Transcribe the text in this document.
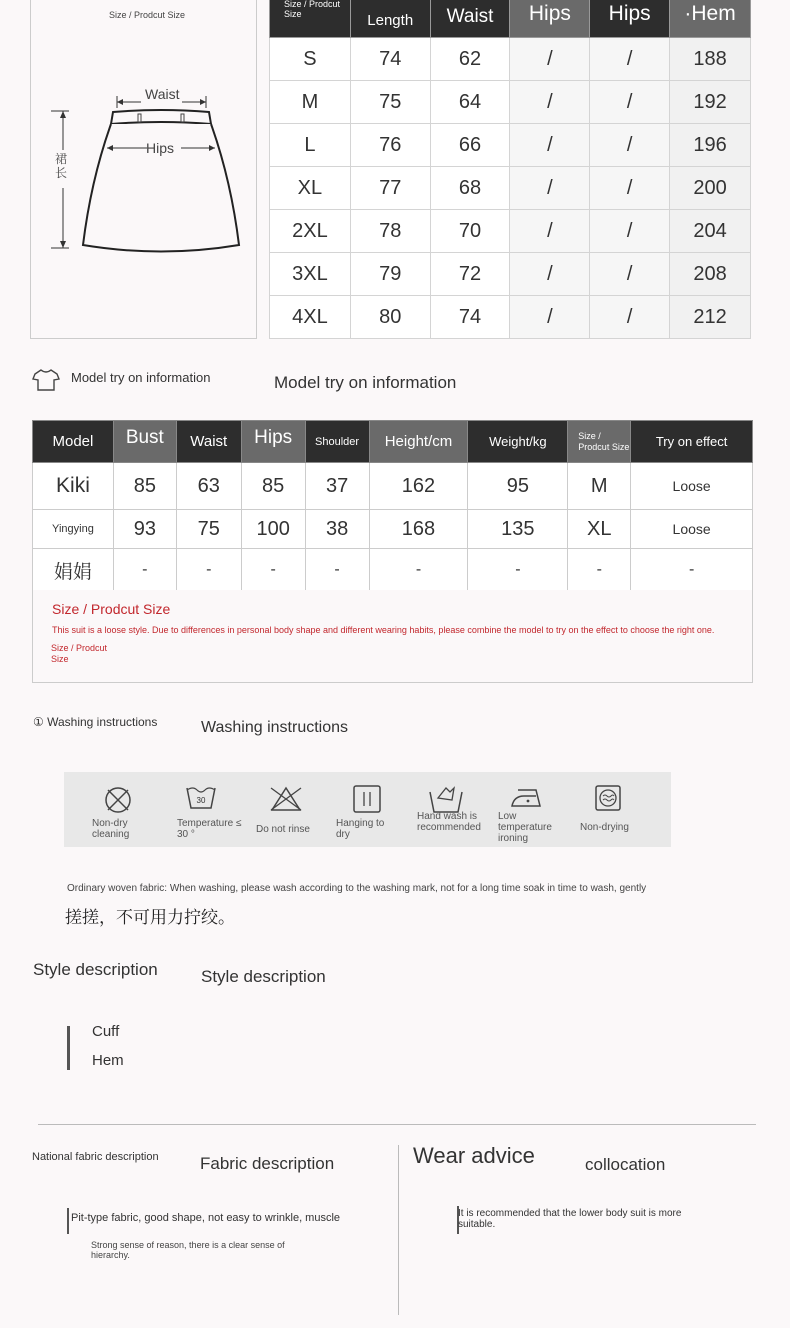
Size / Prodcut Size
Waist
Hips
裙长
Size / Prodcut Size	Length	Waist	Hips	Hips	·Hem
S	74	62	/	/	188
M	75	64	/	/	192
L	76	66	/	/	196
XL	77	68	/	/	200
2XL	78	70	/	/	204
3XL	79	72	/	/	208
4XL	80	74	/	/	212
Model try on information	Model try on information
Model	Bust	Waist	Hips	Shoulder	Height/cm	Weight/kg	Size / Prodcut Size	Try on effect
Kiki	85	63	85	37	162	95	M	Loose
Yingying	93	75	100	38	168	135	XL	Loose
娟娟	-	-	-	-	-	-	-	-
Size / Prodcut Size
This suit is a loose style. Due to differences in personal body shape and different wearing habits, please combine the model to try on the effect to choose the right one.
Size / Prodcut Size
① Washing instructions	Washing instructions
Non-dry cleaning
30
Temperature ≤ 30 °	Do not rinse
Hanging to dry
Hand wash is recommended
Low temperature ironing
Non-drying
Ordinary woven fabric: When washing, please wash according to the washing mark, not for a long time soak in time to wash, gently
搓搓，不可用力拧绞。
Style description	Style description
Cuff
Hem
National fabric description Fabric description
Pit-type fabric, good shape, not easy to wrinkle, muscle
Strong sense of reason, there is a clear sense of hierarchy.
Wear advice	collocation
It is recommended that the lower body suit is more suitable.
